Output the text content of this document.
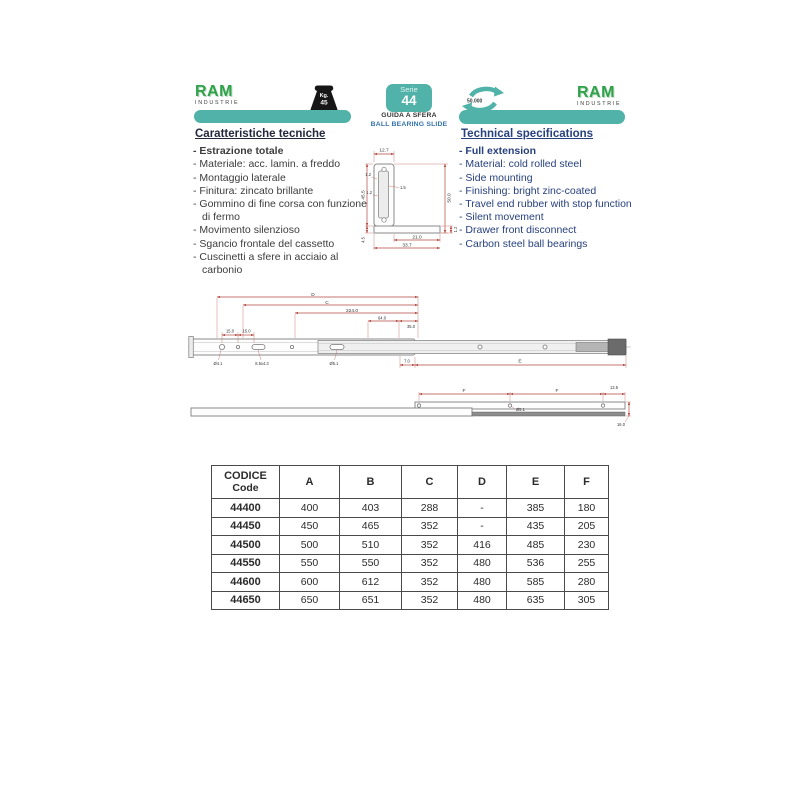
RAM
INDUSTRIE
Kg.
45
Serie
44
GUIDA A SFERA
BALL BEARING SLIDE
50.000
RAM
INDUSTRIE
Caratteristiche tecniche
- Estrazione totale
- Materiale: acc. lamin. a freddo
- Montaggio laterale
- Finitura: zincato brillante
- Gommino di fine corsa con funzione di fermo
- Movimento silenzioso
- Sgancio frontale del cassetto
- Cuscinetti a sfere in acciaio al carbonio
Technical specifications
- Full extension
- Material: cold rolled steel
- Side mounting
- Finishing: bright zinc-coated
- Travel end rubber with stop function
- Silent movement
- Drawer front disconnect
- Carbon steel ball bearings
12.7
45.5
4.5
50.0
1.2
1.2
1.5
21.0
1.2
33.7
D
C
224.0
64.0
35.0
15.0 15.0
Ø4.1	8.5x4.3	Ø5.1
7.0	E
F	F
13.5
Ø5.1
16.0
CODICE
Code	A	B	C	D	E	F
44400	400	403	288	-	385	180
44450	450	465	352	-	435	205
44500	500	510	352	416	485	230
44550	550	550	352	480	536	255
44600	600	612	352	480	585	280
44650	650	651	352	480	635	305
